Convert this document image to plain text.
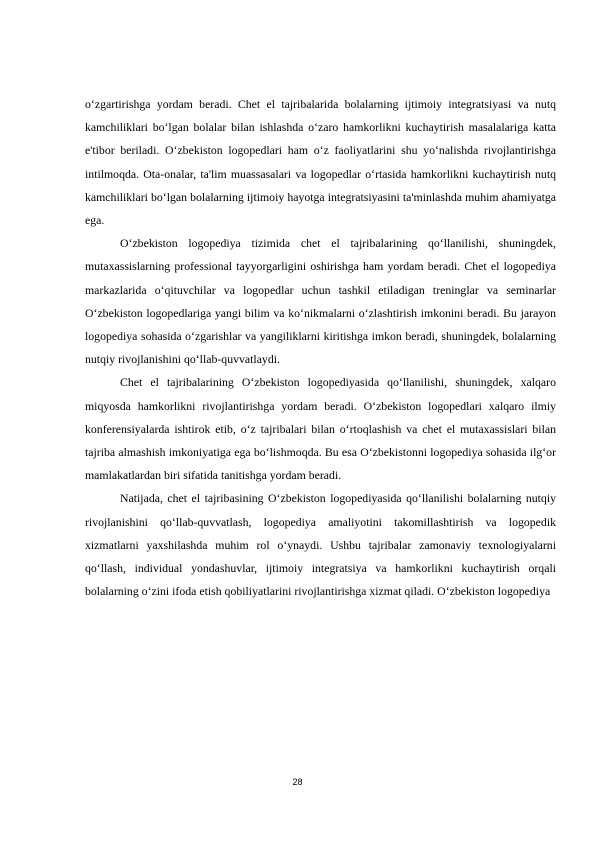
o‘zgartirishga yordam beradi. Chet el tajribalarida bolalarning ijtimoiy integratsiyasi va nutq kamchiliklari bo‘lgan bolalar bilan ishlashda o‘zaro hamkorlikni kuchaytirish masalalariga katta e'tibor beriladi. O‘zbekiston logopedlari ham o‘z faoliyatlarini shu yo‘nalishda rivojlantirishga intilmoqda. Ota-onalar, ta'lim muassasalari va logopedlar o‘rtasida hamkorlikni kuchaytirish nutq kamchiliklari bo‘lgan bolalarning ijtimoiy hayotga integratsiyasini ta'minlashda muhim ahamiyatga ega.

O‘zbekiston logopediya tizimida chet el tajribalarining qo‘llanilishi, shuningdek, mutaxassislarning professional tayyorgarligini oshirishga ham yordam beradi. Chet el logopediya markazlarida o‘qituvchilar va logopedlar uchun tashkil etiladigan treninglar va seminarlar O‘zbekiston logopedlariga yangi bilim va ko‘nikmalarni o‘zlashtirish imkonini beradi. Bu jarayon logopediya sohasida o‘zgarishlar va yangiliklarni kiritishga imkon beradi, shuningdek, bolalarning nutqiy rivojlanishini qo‘llab-quvvatlaydi.

Chet el tajribalarining O‘zbekiston logopediyasida qo‘llanilishi, shuningdek, xalqaro miqyosda hamkorlikni rivojlantirishga yordam beradi. O‘zbekiston logopedlari xalqaro ilmiy konferensiyalarda ishtirok etib, o‘z tajribalari bilan o‘rtoqlashish va chet el mutaxassislari bilan tajriba almashish imkoniyatiga ega bo‘lishmoqda. Bu esa O‘zbekistonni logopediya sohasida ilg‘or mamlakatlardan biri sifatida tanitishga yordam beradi.

Natijada, chet el tajribasining O‘zbekiston logopediyasida qo‘llanilishi bolalarning nutqiy rivojlanishini qo‘llab-quvvatlash, logopediya amaliyotini takomillashtirish va logopedik xizmatlarni yaxshilashda muhim rol o‘ynaydi. Ushbu tajribalar zamonaviy texnologiyalarni qo‘llash, individual yondashuvlar, ijtimoiy integratsiya va hamkorlikni kuchaytirish orqali bolalarning o‘zini ifoda etish qobiliyatlarini rivojlantirishga xizmat qiladi. O‘zbekiston logopediya

28
